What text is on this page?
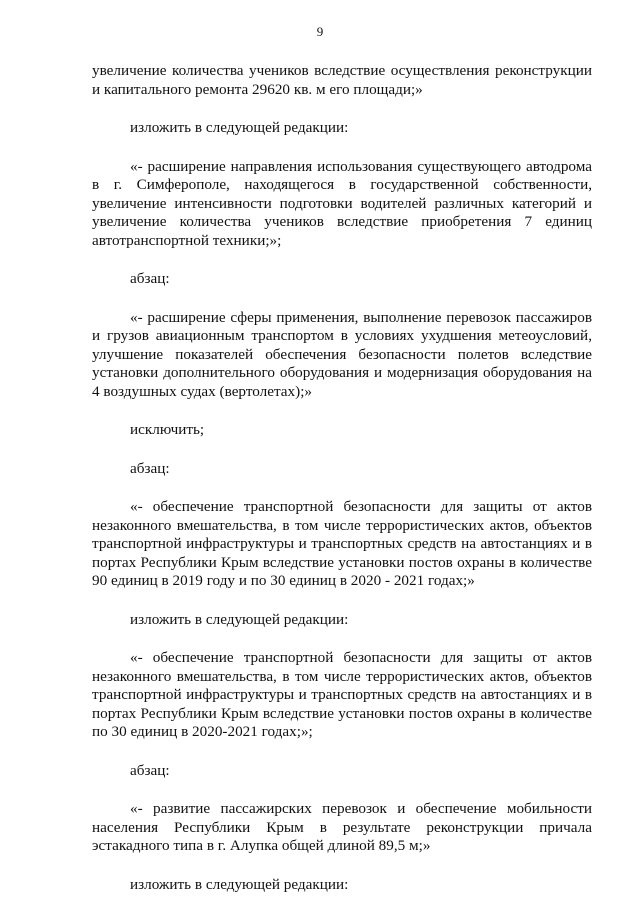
9

увеличение количества учеников вследствие осуществления реконструкции и капитального ремонта 29620 кв. м его площади;»

изложить в следующей редакции:

«- расширение направления использования существующего автодрома в г. Симферополе, находящегося в государственной собственности, увеличение интенсивности подготовки водителей различных категорий и увеличение количества учеников вследствие приобретения 7 единиц автотранспортной техники;»;

абзац:

«- расширение сферы применения, выполнение перевозок пассажиров и грузов авиационным транспортом в условиях ухудшения метеоусловий, улучшение показателей обеспечения безопасности полетов вследствие установки дополнительного оборудования и модернизация оборудования на 4 воздушных судах (вертолетах);»

исключить;

абзац:

«- обеспечение транспортной безопасности для защиты от актов незаконного вмешательства, в том числе террористических актов, объектов транспортной инфраструктуры и транспортных средств на автостанциях и в портах Республики Крым вследствие установки постов охраны в количестве 90 единиц в 2019 году и по 30 единиц в 2020 - 2021 годах;»

изложить в следующей редакции:

«- обеспечение транспортной безопасности для защиты от актов незаконного вмешательства, в том числе террористических актов, объектов транспортной инфраструктуры и транспортных средств на автостанциях и в портах Республики Крым вследствие установки постов охраны в количестве по 30 единиц в 2020-2021 годах;»;

абзац:

«- развитие пассажирских перевозок и обеспечение мобильности населения Республики Крым в результате реконструкции причала эстакадного типа в г. Алупка общей длиной 89,5 м;»

изложить в следующей редакции:
